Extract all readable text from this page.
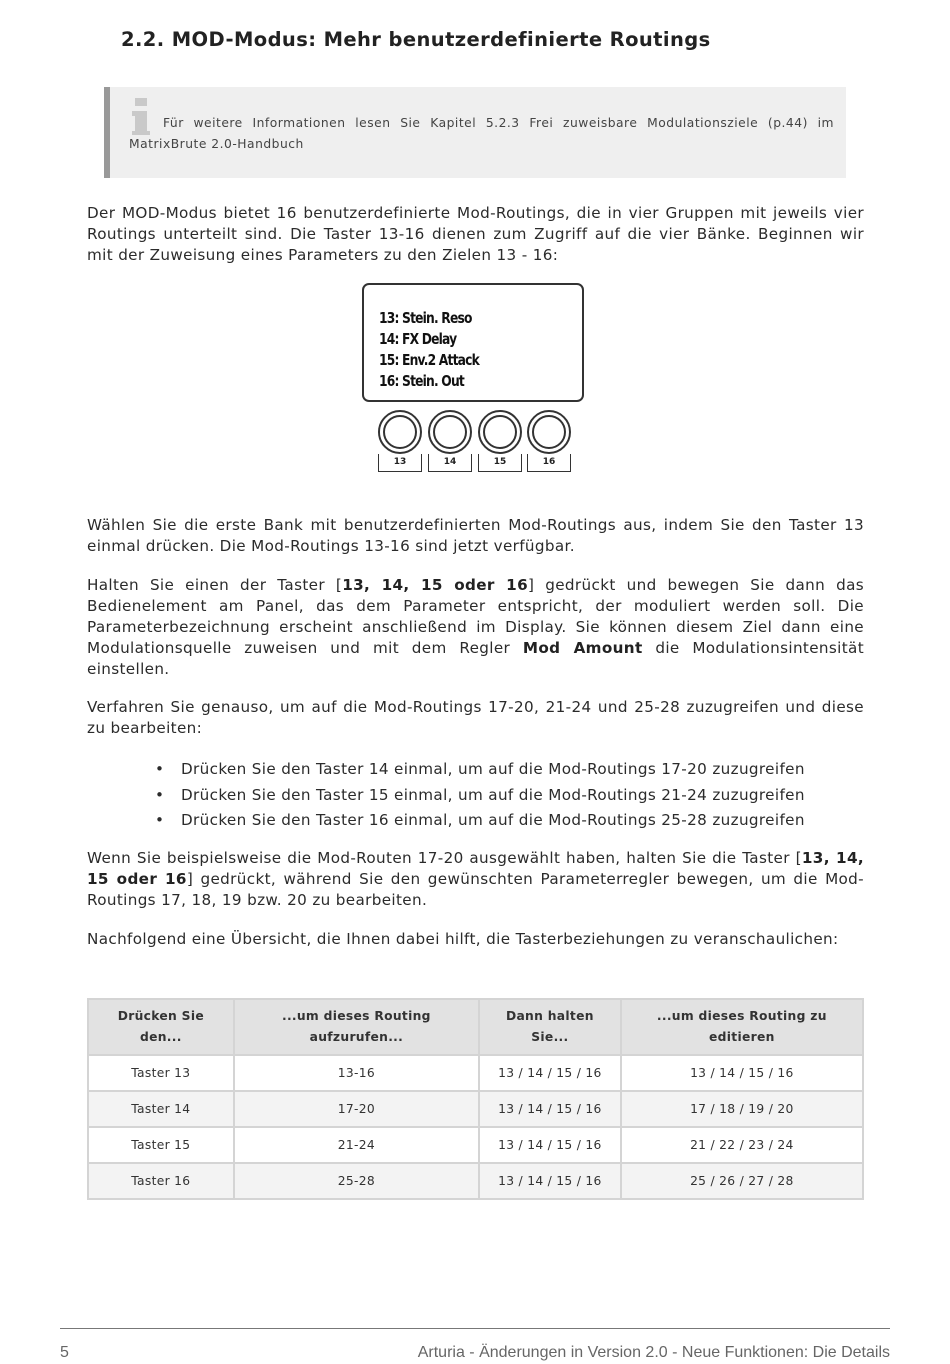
2.2. MOD-Modus: Mehr benutzerdefinierte Routings

Für weitere Informationen lesen Sie Kapitel 5.2.3 Frei zuweisbare Modulationsziele (p.44) im MatrixBrute 2.0-Handbuch

Der MOD-Modus bietet 16 benutzerdefinierte Mod-Routings, die in vier Gruppen mit jeweils vier Routings unterteilt sind. Die Taster 13-16 dienen zum Zugriff auf die vier Bänke. Beginnen wir mit der Zuweisung eines Parameters zu den Zielen 13 - 16:

13: Stein. Reso
14: FX Delay
15: Env.2 Attack
16: Stein. Out
13	14	15	16

Wählen Sie die erste Bank mit benutzerdefinierten Mod-Routings aus, indem Sie den Taster 13 einmal drücken. Die Mod-Routings 13-16 sind jetzt verfügbar.

Halten Sie einen der Taster [13, 14, 15 oder 16] gedrückt und bewegen Sie dann das Bedienelement am Panel, das dem Parameter entspricht, der moduliert werden soll. Die Parameterbezeichnung erscheint anschließend im Display. Sie können diesem Ziel dann eine Modulationsquelle zuweisen und mit dem Regler Mod Amount die Modulationsintensität einstellen.

Verfahren Sie genauso, um auf die Mod-Routings 17-20, 21-24 und 25-28 zuzugreifen und diese zu bearbeiten:

• Drücken Sie den Taster 14 einmal, um auf die Mod-Routings 17-20 zuzugreifen
• Drücken Sie den Taster 15 einmal, um auf die Mod-Routings 21-24 zuzugreifen
• Drücken Sie den Taster 16 einmal, um auf die Mod-Routings 25-28 zuzugreifen

Wenn Sie beispielsweise die Mod-Routen 17-20 ausgewählt haben, halten Sie die Taster [13, 14, 15 oder 16] gedrückt, während Sie den gewünschten Parameterregler bewegen, um die Mod-Routings 17, 18, 19 bzw. 20 zu bearbeiten.

Nachfolgend eine Übersicht, die Ihnen dabei hilft, die Tasterbeziehungen zu veranschaulichen:

Drücken Sie den...	...um dieses Routing aufzurufen...	Dann halten Sie...	...um dieses Routing zu editieren
Taster 13	13-16	13 / 14 / 15 / 16	13 / 14 / 15 / 16
Taster 14	17-20	13 / 14 / 15 / 16	17 / 18 / 19 / 20
Taster 15	21-24	13 / 14 / 15 / 16	21 / 22 / 23 / 24
Taster 16	25-28	13 / 14 / 15 / 16	25 / 26 / 27 / 28
5	Arturia - Änderungen in Version 2.0 - Neue Funktionen: Die Details
